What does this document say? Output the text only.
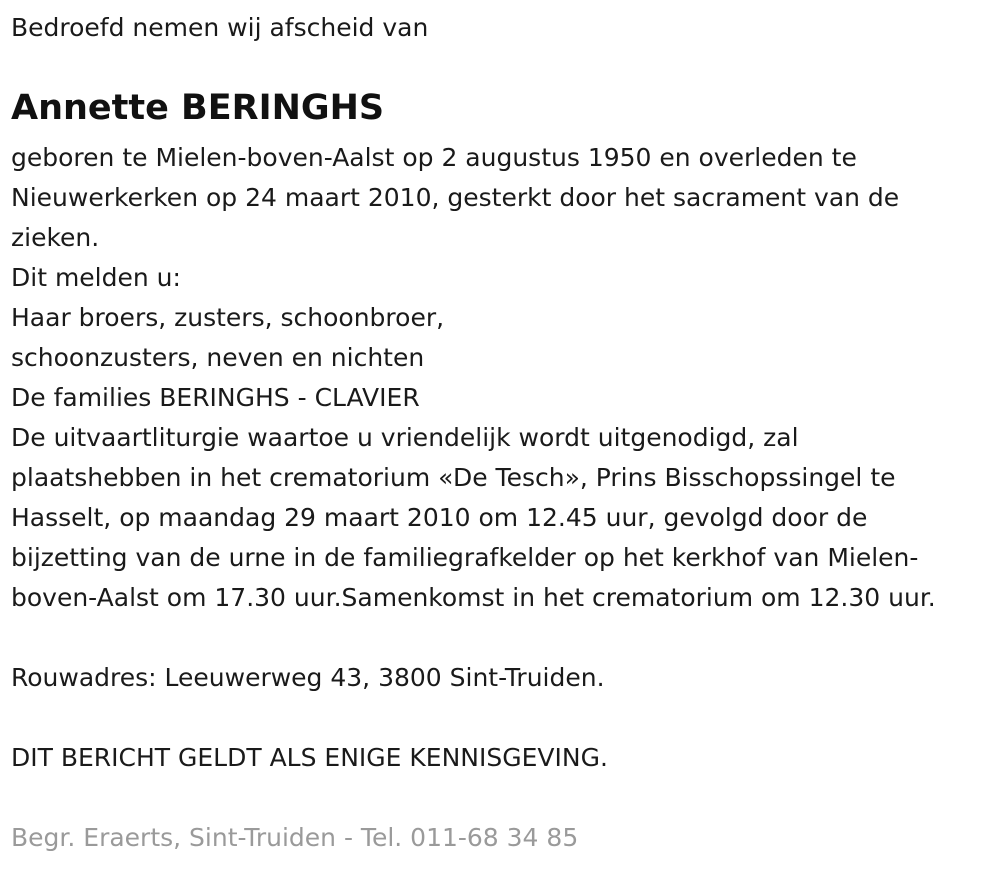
Bedroefd nemen wij afscheid van

Annette BERINGHS

geboren te Mielen-boven-Aalst op 2 augustus 1950 en overleden te

Nieuwerkerken op 24 maart 2010, gesterkt door het sacrament van de

zieken.

Dit melden u:

Haar broers, zusters, schoonbroer,

schoonzusters, neven en nichten

De families BERINGHS - CLAVIER

De uitvaartliturgie waartoe u vriendelijk wordt uitgenodigd, zal

plaatshebben in het crematorium «De Tesch», Prins Bisschopssingel te

Hasselt, op maandag 29 maart 2010 om 12.45 uur, gevolgd door de

bijzetting van de urne in de familiegrafkelder op het kerkhof van Mielen-

boven-Aalst om 17.30 uur.Samenkomst in het crematorium om 12.30 uur.

Rouwadres: Leeuwerweg 43, 3800 Sint-Truiden.

DIT BERICHT GELDT ALS ENIGE KENNISGEVING.

Begr. Eraerts, Sint-Truiden - Tel. 011-68 34 85
